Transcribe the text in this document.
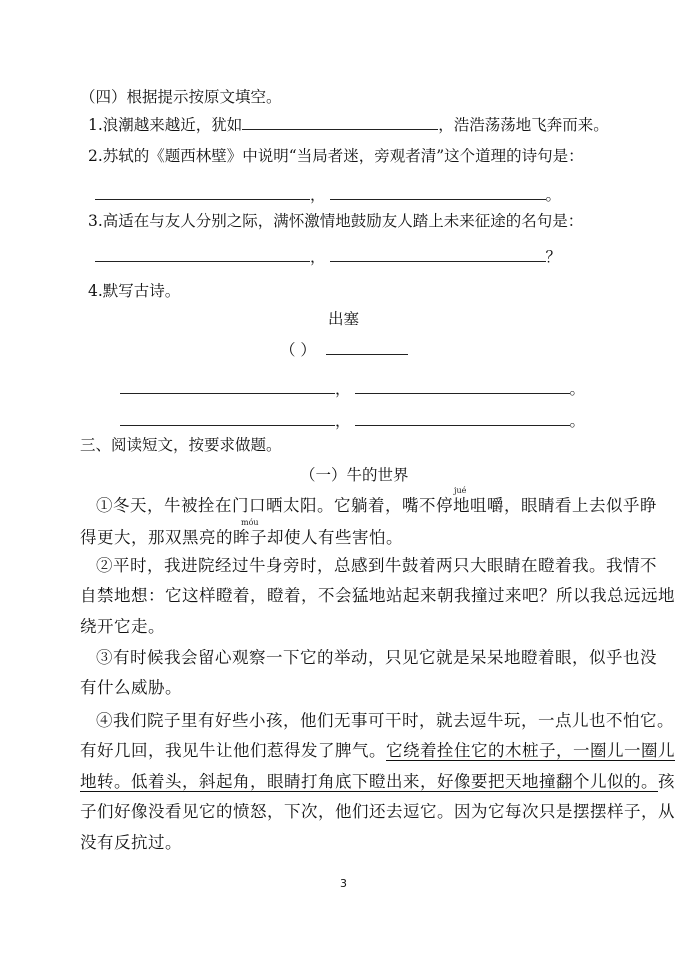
（四）根据提示按原文填空。
1.浪潮越来越近，犹如	，浩浩荡荡地飞奔而来。
2.苏轼的《题西林壁》中说明“当局者迷，旁观者清”这个道理的诗句是：
，	。
3.高适在与友人分别之际，满怀激情地鼓励友人踏上未来征途的名句是：
，	？
4.默写古诗。
出塞
（ ）
，	。
，	。
三、阅读短文，按要求做题。
（一）牛的世界
jué
①冬天，牛被拴在门口晒太阳。它躺着，嘴不停地咀嚼，眼睛看上去似乎睁
móu
得更大，那双黑亮的眸子却使人有些害怕。
②平时，我进院经过牛身旁时，总感到牛鼓着两只大眼睛在瞪着我。我情不
自禁地想：它这样瞪着，瞪着，不会猛地站起来朝我撞过来吧？所以我总远远地
绕开它走。
③有时候我会留心观察一下它的举动，只见它就是呆呆地瞪着眼，似乎也没
有什么威胁。
④我们院子里有好些小孩，他们无事可干时，就去逗牛玩，一点儿也不怕它。
有好几回，我见牛让他们惹得发了脾气。它绕着拴住它的木桩子，一圈儿一圈儿
地转。低着头，斜起角，眼睛打角底下瞪出来，好像要把天地撞翻个儿似的。孩
子们好像没看见它的愤怒，下次，他们还去逗它。因为它每次只是摆摆样子，从
没有反抗过。
3
